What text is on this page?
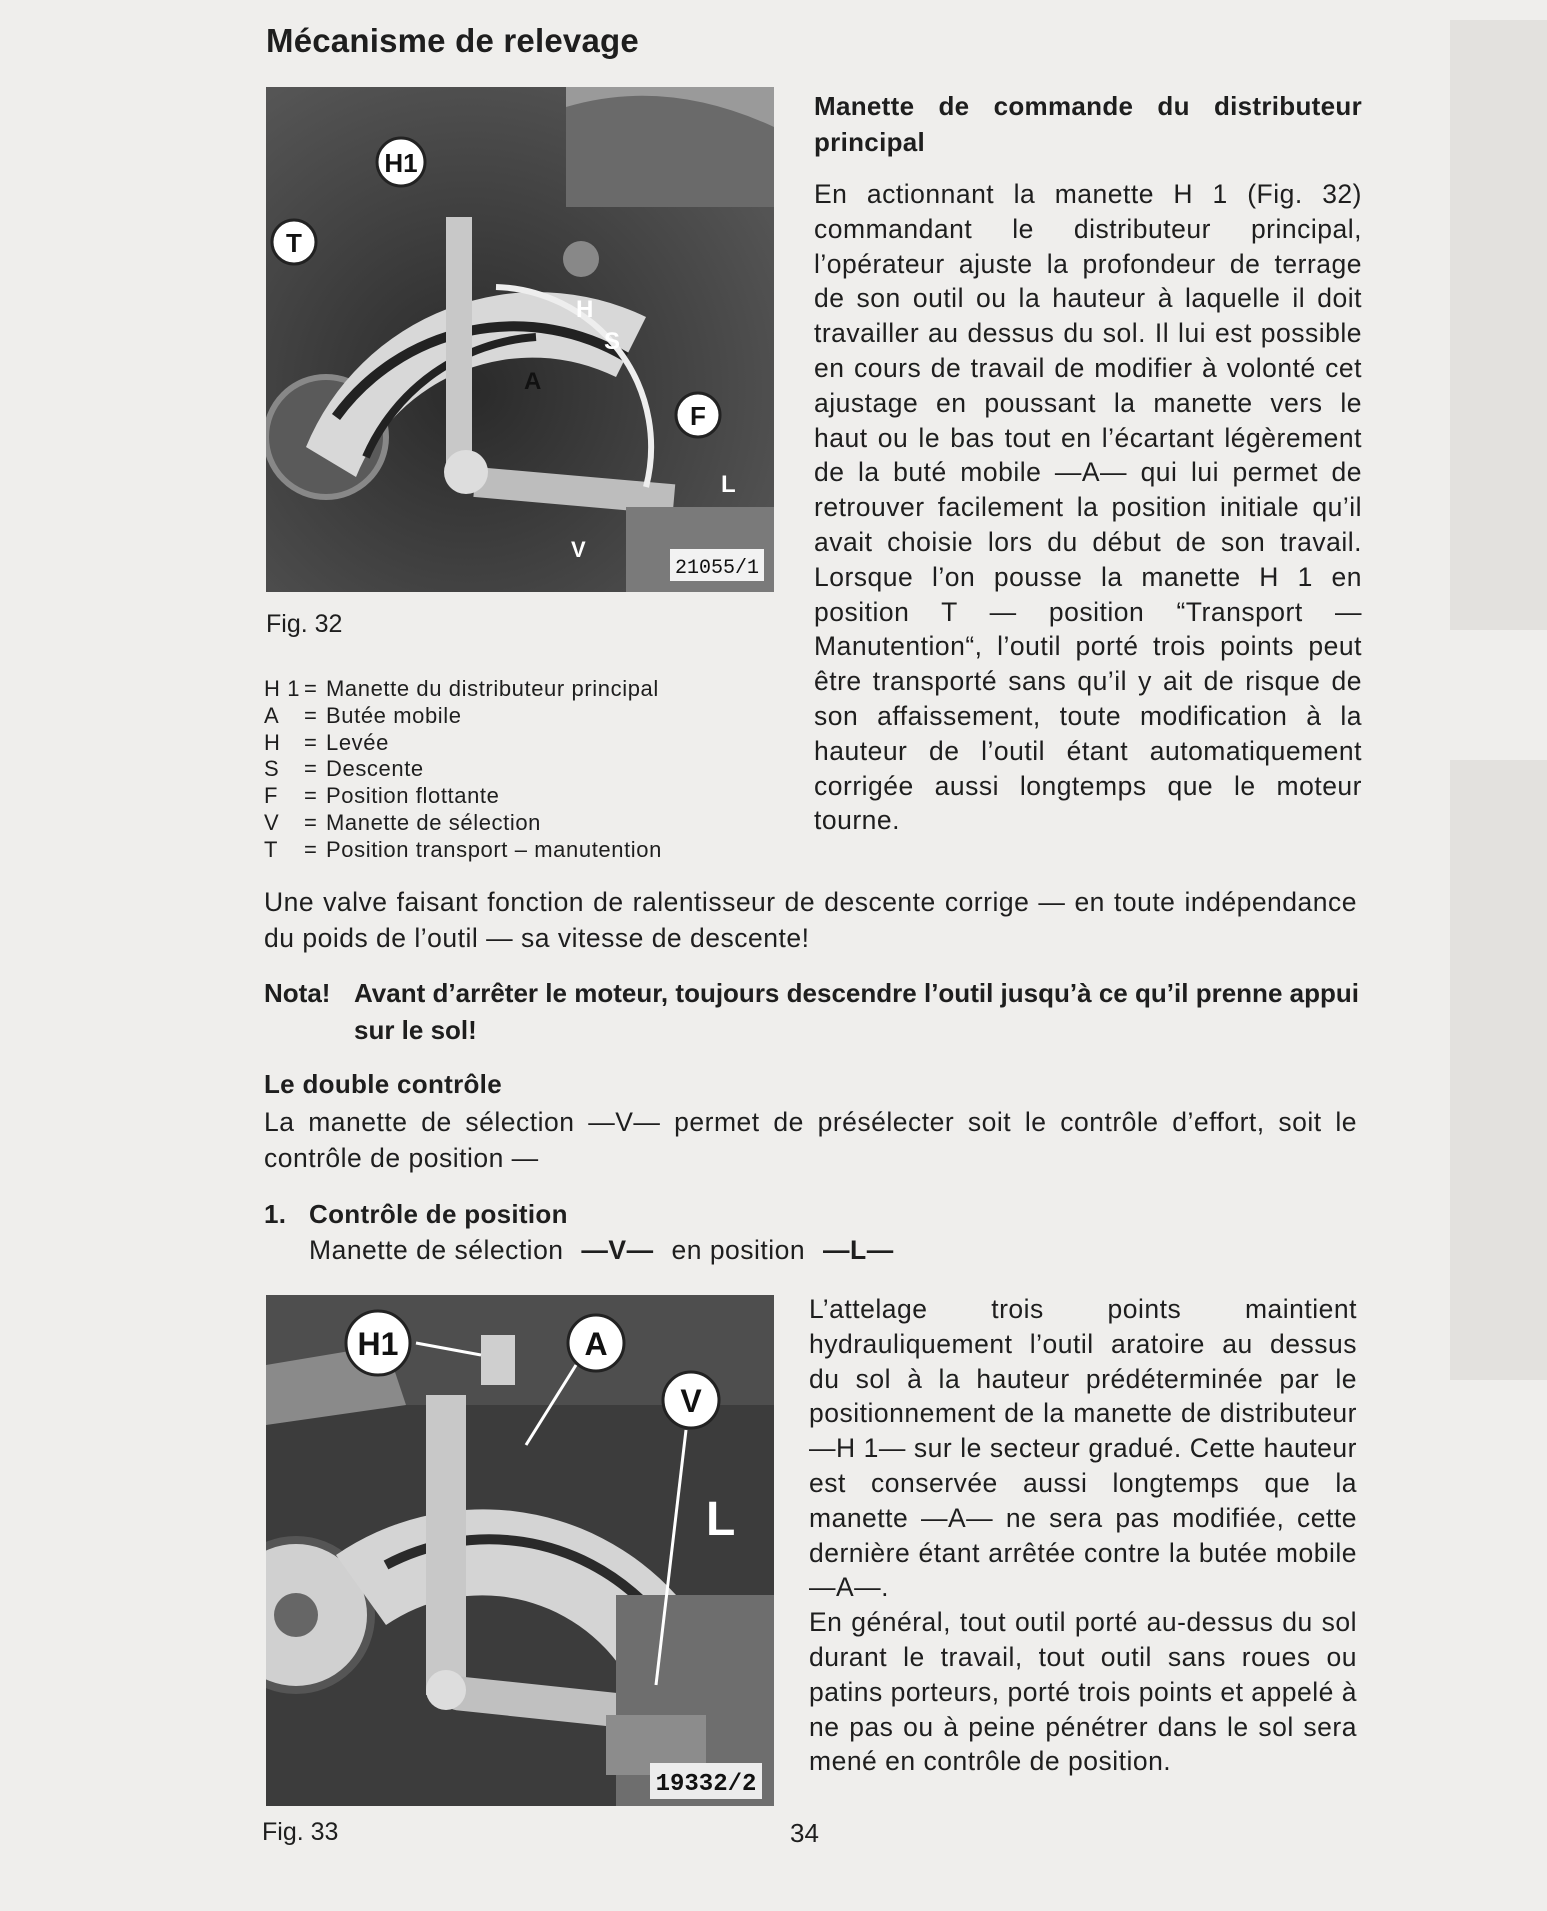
Mécanisme de relevage
H1
T
F
H
S
A
L
V
21055/1
Fig. 32
H 1 = Manette du distributeur principal
A	= Butée mobile
H	= Levée
S	= Descente
F	= Position flottante
V	= Manette de sélection
T	= Position transport – manutention
Manette de commande du distributeur principal
En actionnant la manette H 1 (Fig. 32) commandant le distributeur principal, l’opérateur ajuste la profondeur de terrage de son outil ou la hauteur à laquelle il doit travailler au dessus du sol. Il lui est possible en cours de travail de modifier à volonté cet ajustage en poussant la manette vers le haut ou le bas tout en l’écartant légèrement de la buté mobile —A— qui lui permet de retrouver facilement la position initiale qu’il avait choisie lors du début de son travail. Lorsque l’on pousse la manette H 1 en position T — position “Transport — Manutention“, l’outil porté trois points peut être transporté sans qu’il y ait de risque de son affaissement, toute modification à la hauteur de l’outil étant automatiquement corrigée aussi longtemps que le moteur tourne.
Une valve faisant fonction de ralentisseur de descente corrige — en toute indépendance du poids de l’outil — sa vitesse de descente!
Nota! Avant d’arrêter le moteur, toujours descendre l’outil jusqu’à ce qu’il prenne appui sur le sol!
Le double contrôle
La manette de sélection —V— permet de présélecter soit le contrôle d’effort, soit le contrôle de position —
1. Contrôle de position
Manette de sélection —V— en position —L—
H1	A
V
L
19332/2

L’attelage trois points maintient hydrauliquement l’outil aratoire au dessus du sol à la hauteur prédéterminée par le positionnement de la manette de distributeur —H 1— sur le secteur gradué. Cette hauteur est conservée aussi longtemps que la manette —A— ne sera pas modifiée, cette dernière étant arrêtée contre la butée mobile —A—.

En général, tout outil porté au-dessus du sol durant le travail, tout outil sans roues ou patins porteurs, porté trois points et appelé à ne pas ou à peine pénétrer dans le sol sera mené en contrôle de position.

Fig. 33	34
